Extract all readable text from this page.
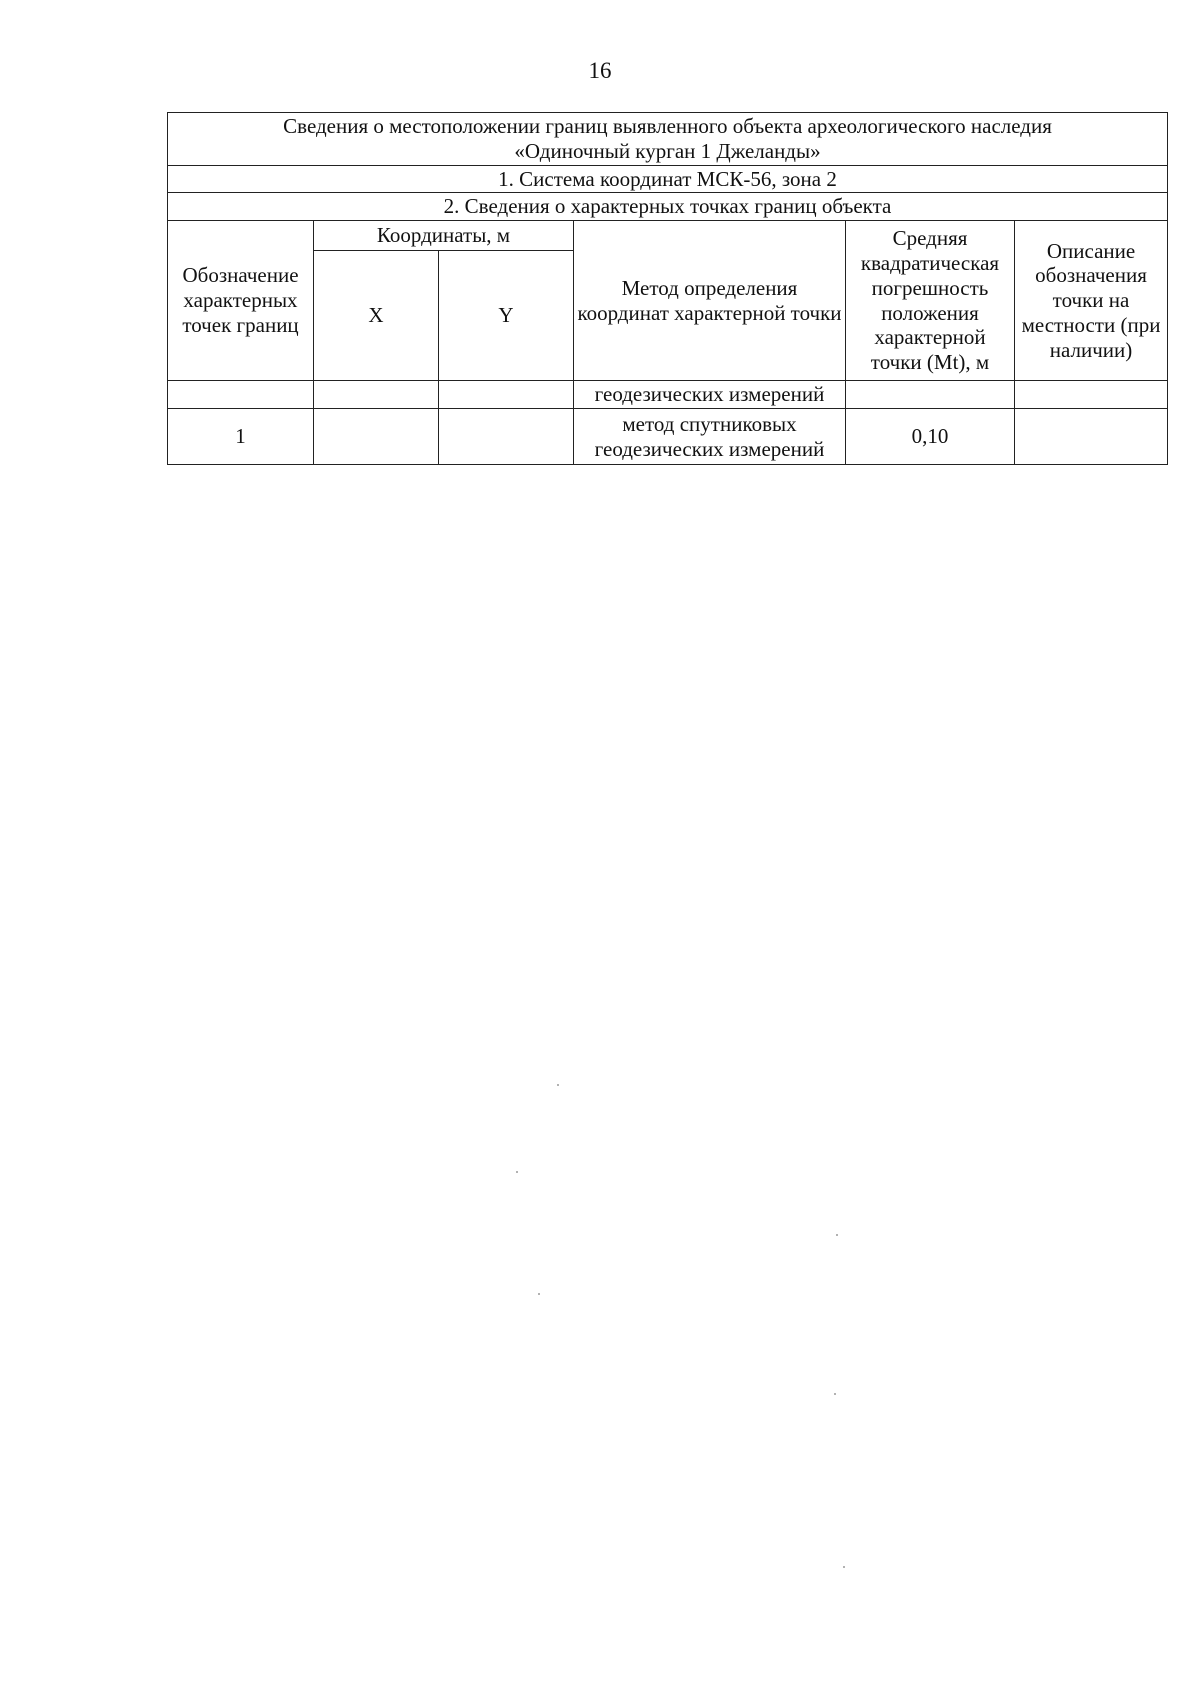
16
Сведения о местоположении границ выявленного объекта археологического наследия
«Одиночный курган 1 Джеланды»					

1. Система координат МСК-56, зона 2					
2. Сведения о характерных точках границ объекта					
Обозначение характерных точек границ	Координаты, м		Метод определения координат характерной точки	Средняя квадратическая погрешность положения характерной точки (Mt), м	Описание обозначения точки на местности (при наличии)
	X	Y			
			геодезических измерений		
1			метод спутниковых геодезических измерений	0,10	
